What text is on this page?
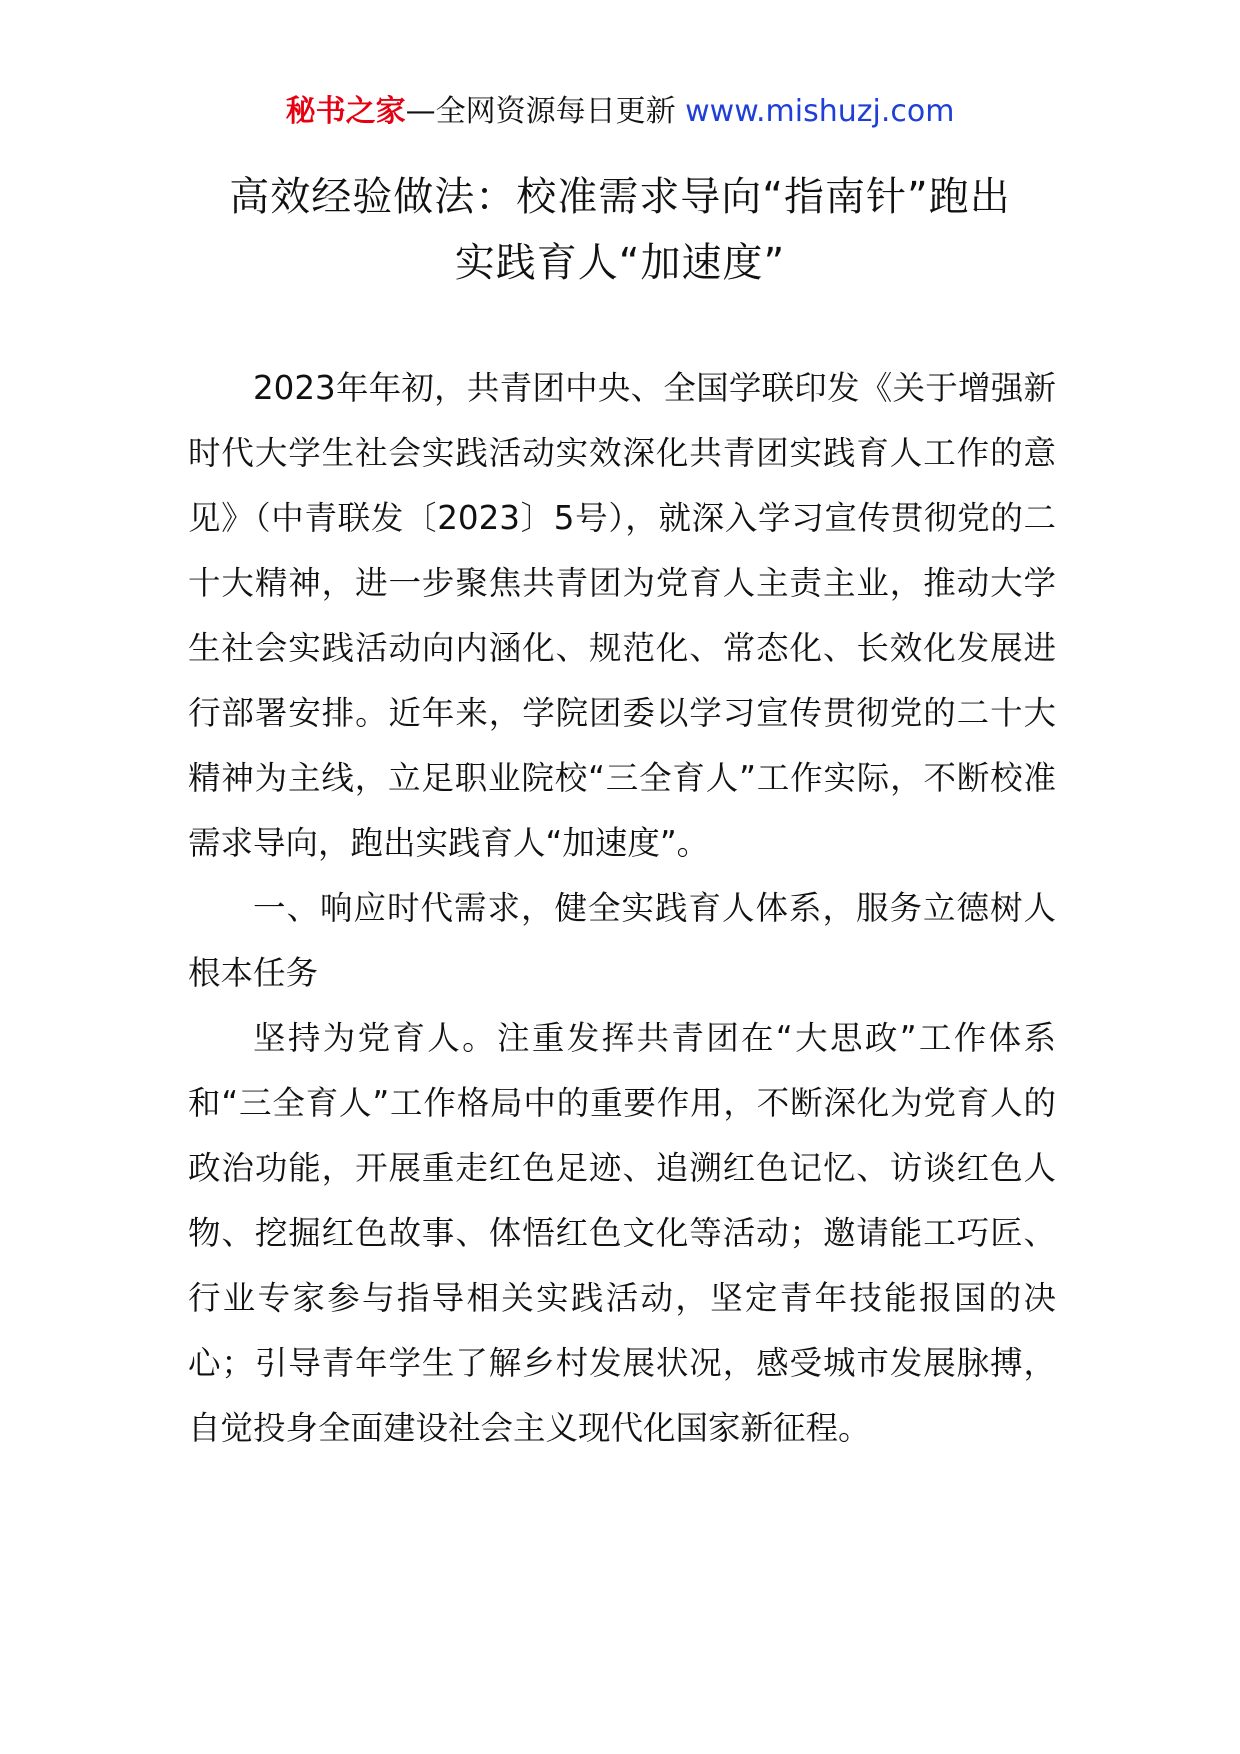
秘书之家—全网资源每日更新 www.mishuzj.com
高效经验做法：校准需求导向“指南针”跑出
实践育人“加速度”

2023年年初，共青团中央、全国学联印发《关于增强新时代大学生社会实践活动实效深化共青团实践育人工作的意见》（中青联发〔2023〕5号），就深入学习宣传贯彻党的二十大精神，进一步聚焦共青团为党育人主责主业，推动大学生社会实践活动向内涵化、规范化、常态化、长效化发展进行部署安排。近年来，学院团委以学习宣传贯彻党的二十大精神为主线，立足职业院校“三全育人”工作实际，不断校准需求导向，跑出实践育人“加速度”。

一、响应时代需求，健全实践育人体系，服务立德树人根本任务

坚持为党育人。注重发挥共青团在“大思政”工作体系和“三全育人”工作格局中的重要作用，不断深化为党育人的政治功能，开展重走红色足迹、追溯红色记忆、访谈红色人物、挖掘红色故事、体悟红色文化等活动；邀请能工巧匠、行业专家参与指导相关实践活动，坚定青年技能报国的决心；引导青年学生了解乡村发展状况，感受城市发展脉搏，自觉投身全面建设社会主义现代化国家新征程。
